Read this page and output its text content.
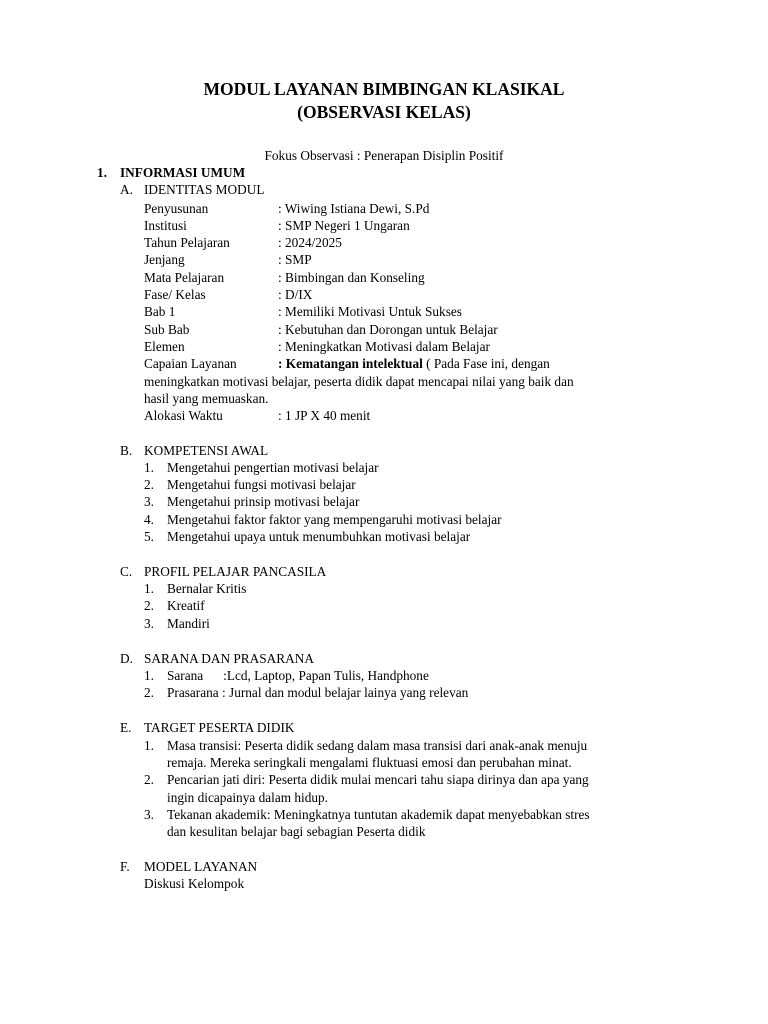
MODUL LAYANAN BIMBINGAN KLASIKAL
(OBSERVASI KELAS)
Fokus Observasi : Penerapan Disiplin Positif
1. INFORMASI UMUM
A. IDENTITAS MODUL
Penyusunan	: Wiwing Istiana Dewi, S.Pd
Institusi	: SMP Negeri 1 Ungaran
Tahun Pelajaran	: 2024/2025
Jenjang	: SMP
Mata Pelajaran	: Bimbingan dan Konseling
Fase/ Kelas	: D/IX
Bab 1	: Memiliki Motivasi Untuk Sukses
Sub Bab	: Kebutuhan dan Dorongan untuk Belajar
Elemen	: Meningkatkan Motivasi dalam Belajar
Capaian Layanan	: Kematangan intelektual ( Pada Fase ini, dengan
meningkatkan motivasi belajar, peserta didik dapat mencapai nilai yang baik dan
hasil yang memuaskan.
Alokasi Waktu	: 1 JP X 40 menit
B. KOMPETENSI AWAL
1. Mengetahui pengertian motivasi belajar
2. Mengetahui fungsi motivasi belajar
3. Mengetahui prinsip motivasi belajar
4. Mengetahui faktor faktor yang mempengaruhi motivasi belajar
5. Mengetahui upaya untuk menumbuhkan motivasi belajar
C. PROFIL PELAJAR PANCASILA
1. Bernalar Kritis
2. Kreatif
3. Mandiri
D. SARANA DAN PRASARANA
1. Sarana      :Lcd, Laptop, Papan Tulis, Handphone
2. Prasarana : Jurnal dan modul belajar lainya yang relevan
E. TARGET PESERTA DIDIK
1. Masa transisi: Peserta didik sedang dalam masa transisi dari anak-anak menuju
remaja. Mereka seringkali mengalami fluktuasi emosi dan perubahan minat.
2. Pencarian jati diri: Peserta didik mulai mencari tahu siapa dirinya dan apa yang
ingin dicapainya dalam hidup.
3. Tekanan akademik: Meningkatnya tuntutan akademik dapat menyebabkan stres
dan kesulitan belajar bagi sebagian Peserta didik
F. MODEL LAYANAN
Diskusi Kelompok
